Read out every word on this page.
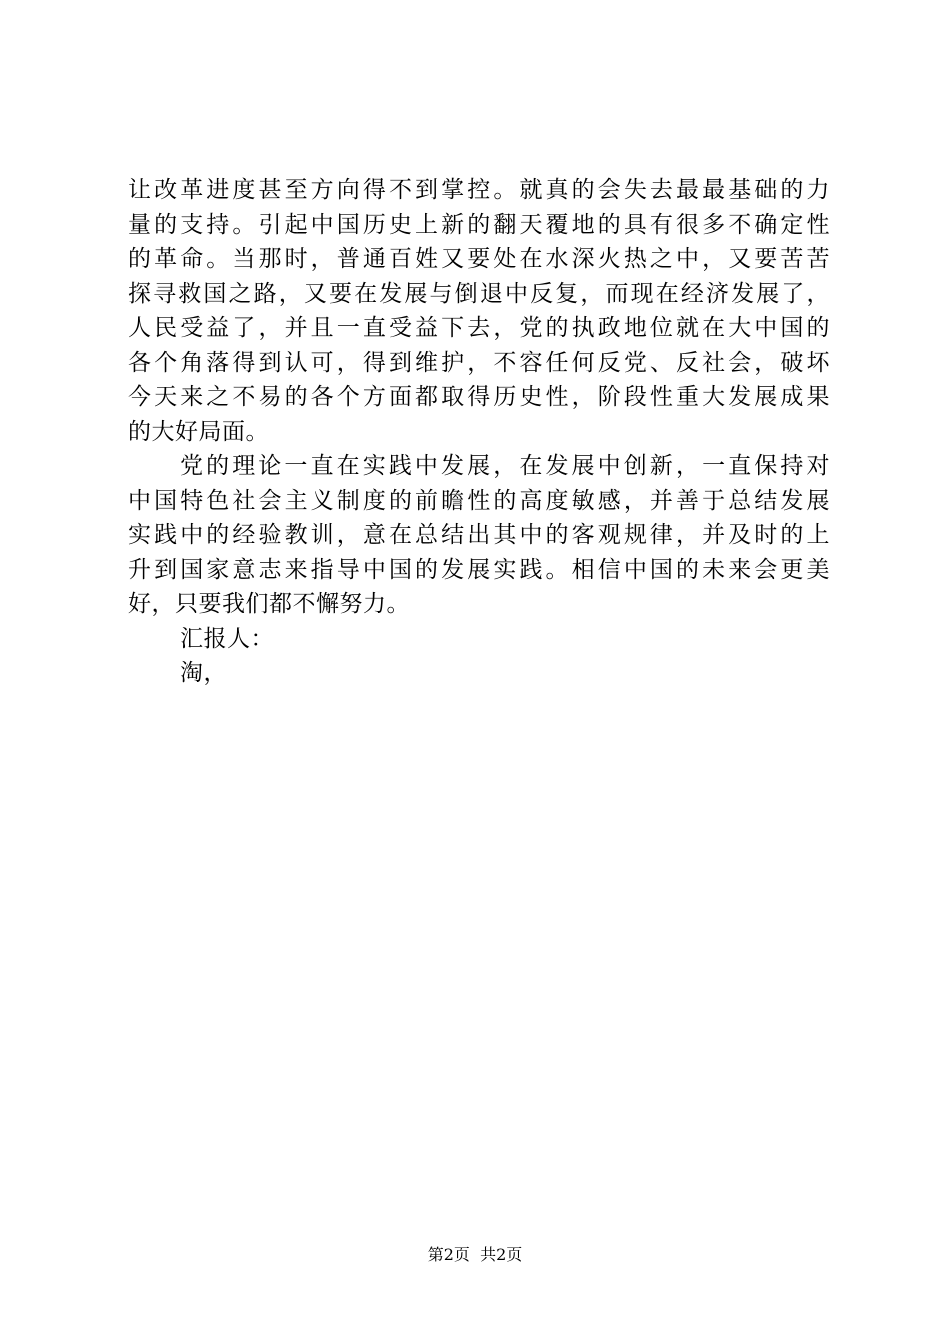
让改革进度甚至方向得不到掌控。就真的会失去最最基础的力
量的支持。引起中国历史上新的翻天覆地的具有很多不确定性
的革命。当那时，普通百姓又要处在水深火热之中，又要苦苦
探寻救国之路，又要在发展与倒退中反复，而现在经济发展了，
人民受益了，并且一直受益下去，党的执政地位就在大中国的
各个角落得到认可，得到维护，不容任何反党、反社会，破坏
今天来之不易的各个方面都取得历史性，阶段性重大发展成果
的大好局面。
党的理论一直在实践中发展，在发展中创新，一直保持对
中国特色社会主义制度的前瞻性的高度敏感，并善于总结发展
实践中的经验教训，意在总结出其中的客观规律，并及时的上
升到国家意志来指导中国的发展实践。相信中国的未来会更美
好，只要我们都不懈努力。
汇报人：
淘，
第2页  共2页
